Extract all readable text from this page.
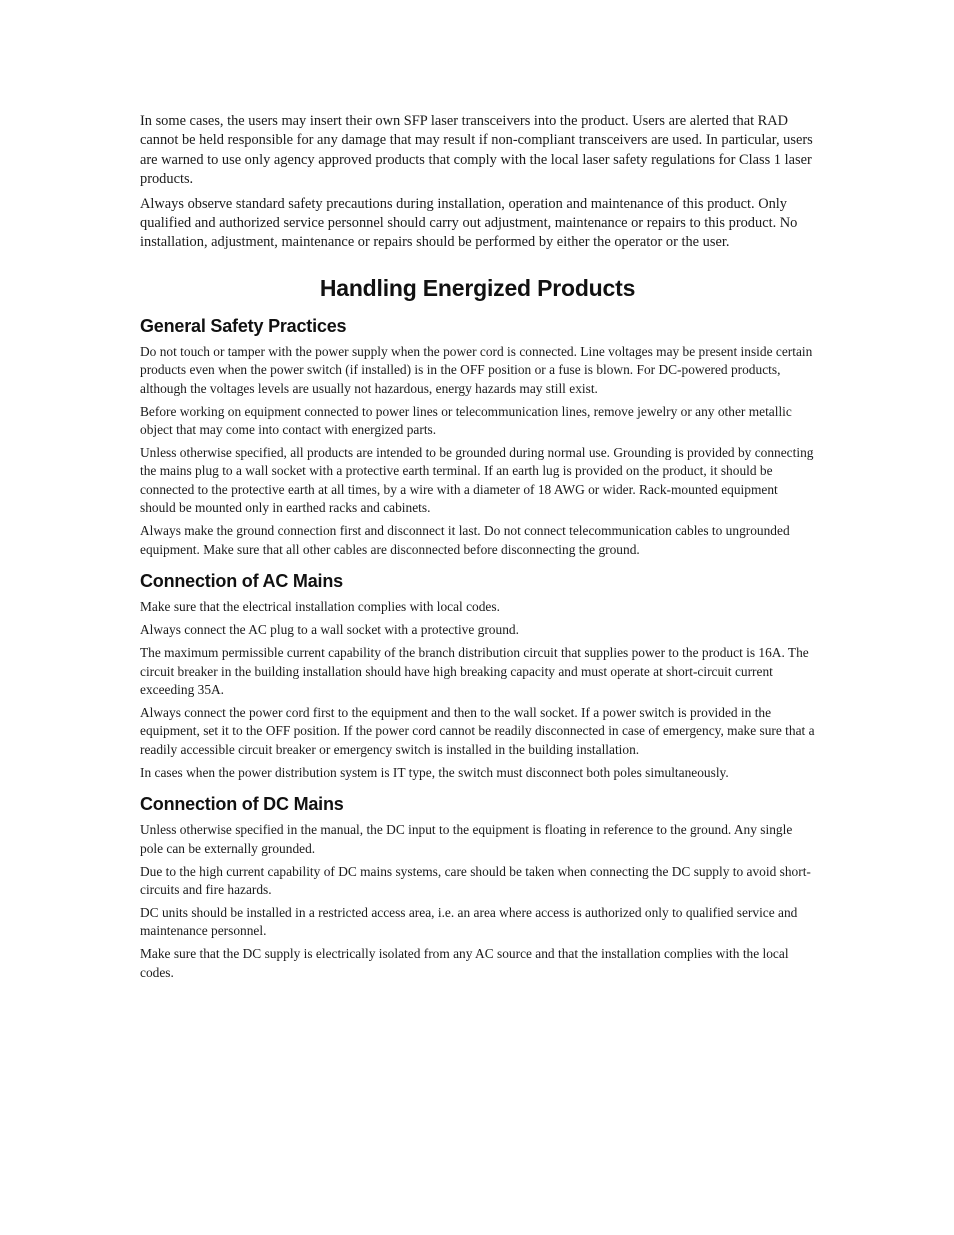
In some cases, the users may insert their own SFP laser transceivers into the product. Users are alerted that RAD cannot be held responsible for any damage that may result if non-compliant transceivers are used. In particular, users are warned to use only agency approved products that comply with the local laser safety regulations for Class 1 laser products.

Always observe standard safety precautions during installation, operation and maintenance of this product. Only qualified and authorized service personnel should carry out adjustment, maintenance or repairs to this product. No installation, adjustment, maintenance or repairs should be performed by either the operator or the user.

Handling Energized Products
General Safety Practices

Do not touch or tamper with the power supply when the power cord is connected. Line voltages may be present inside certain products even when the power switch (if installed) is in the OFF position or a fuse is blown. For DC-powered products, although the voltages levels are usually not hazardous, energy hazards may still exist.

Before working on equipment connected to power lines or telecommunication lines, remove jewelry or any other metallic object that may come into contact with energized parts.

Unless otherwise specified, all products are intended to be grounded during normal use. Grounding is provided by connecting the mains plug to a wall socket with a protective earth terminal. If an earth lug is provided on the product, it should be connected to the protective earth at all times, by a wire with a diameter of 18 AWG or wider. Rack-mounted equipment should be mounted only in earthed racks and cabinets.

Always make the ground connection first and disconnect it last. Do not connect telecommunication cables to ungrounded equipment. Make sure that all other cables are disconnected before disconnecting the ground.

Connection of AC Mains

Make sure that the electrical installation complies with local codes.

Always connect the AC plug to a wall socket with a protective ground.

The maximum permissible current capability of the branch distribution circuit that supplies power to the product is 16A. The circuit breaker in the building installation should have high breaking capacity and must operate at short-circuit current exceeding 35A.

Always connect the power cord first to the equipment and then to the wall socket. If a power switch is provided in the equipment, set it to the OFF position. If the power cord cannot be readily disconnected in case of emergency, make sure that a readily accessible circuit breaker or emergency switch is installed in the building installation.

In cases when the power distribution system is IT type, the switch must disconnect both poles simultaneously.

Connection of DC Mains

Unless otherwise specified in the manual, the DC input to the equipment is floating in reference to the ground. Any single pole can be externally grounded.

Due to the high current capability of DC mains systems, care should be taken when connecting the DC supply to avoid short-circuits and fire hazards.

DC units should be installed in a restricted access area, i.e. an area where access is authorized only to qualified service and maintenance personnel.

Make sure that the DC supply is electrically isolated from any AC source and that the installation complies with the local codes.
